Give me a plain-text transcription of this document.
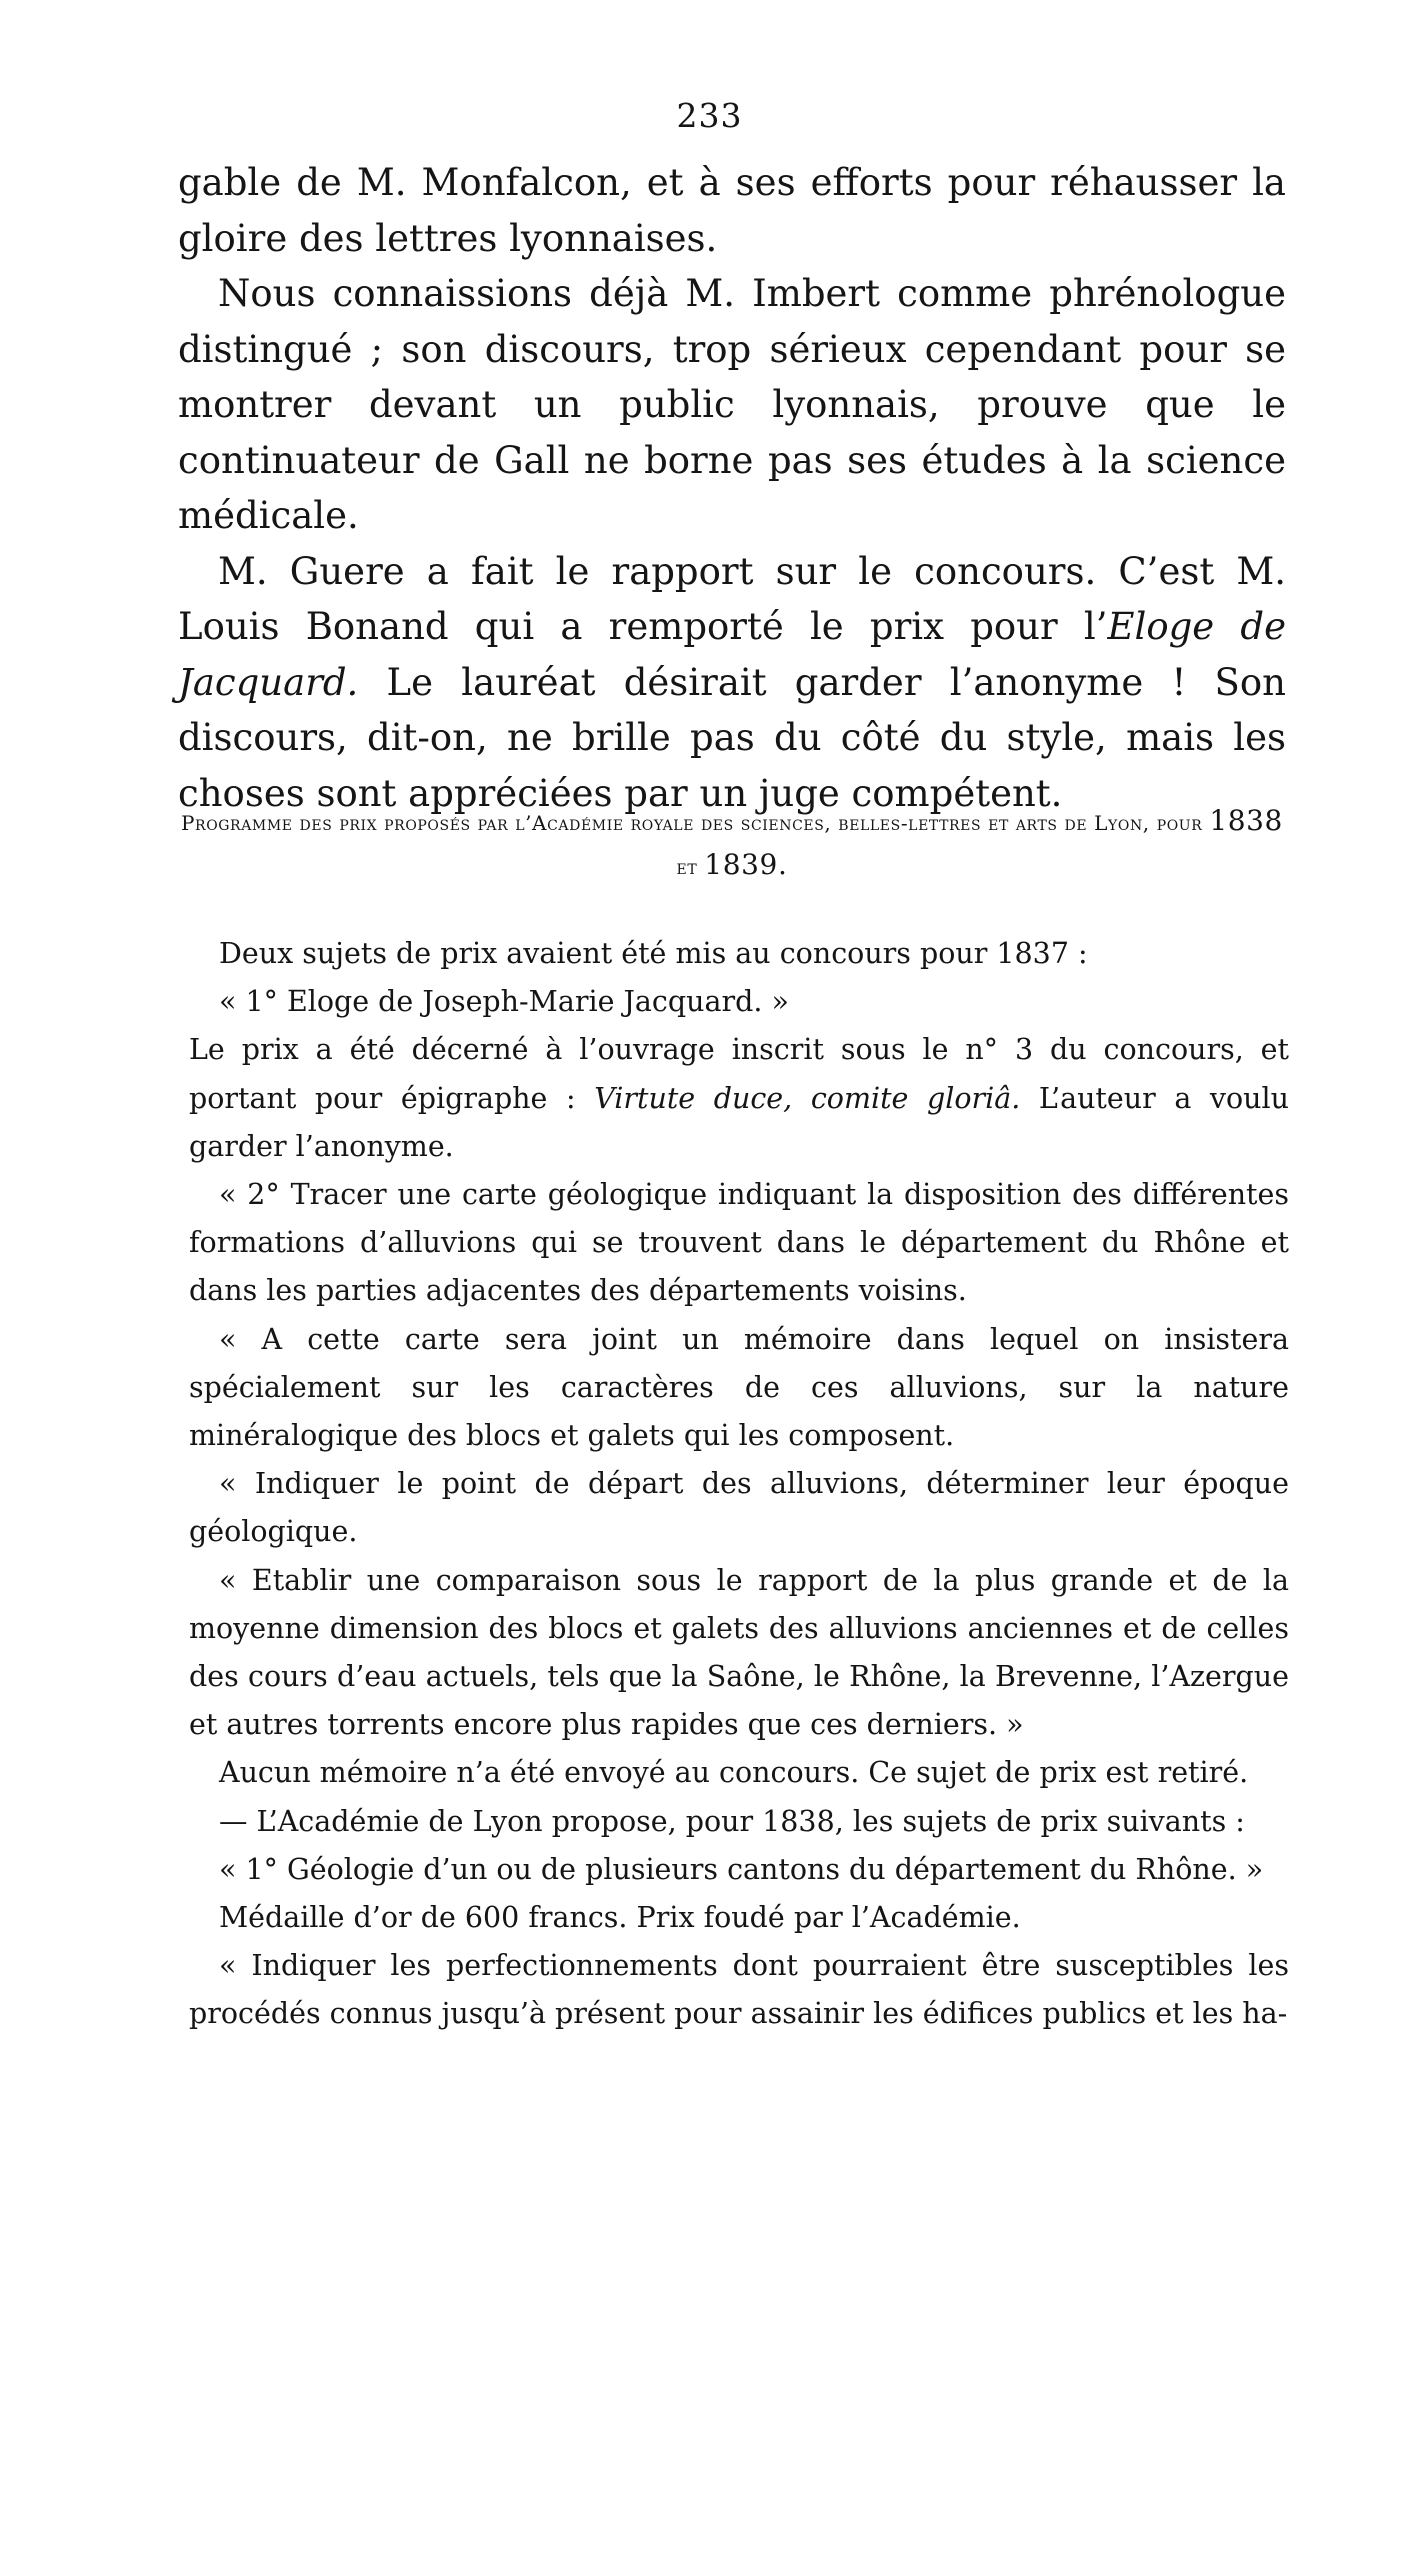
233

gable de M. Monfalcon, et à ses efforts pour réhausser la gloire des lettres lyonnaises.

Nous connaissions déjà M. Imbert comme phrénologue distingué ; son discours, trop sérieux cependant pour se montrer devant un public lyonnais, prouve que le continuateur de Gall ne borne pas ses études à la science médicale.

M. Guere a fait le rapport sur le concours. C’est M. Louis Bonand qui a remporté le prix pour l’Eloge de Jacquard. Le lauréat désirait garder l’anonyme ! Son discours, dit-on, ne brille pas du côté du style, mais les choses sont appréciées par un juge compétent.

Programme des prix proposés par l’Académie royale des sciences, belles-lettres et arts de Lyon, pour 1838 et 1839.

Deux sujets de prix avaient été mis au concours pour 1837 :

« 1° Eloge de Joseph-Marie Jacquard. »

Le prix a été décerné à l’ouvrage inscrit sous le n° 3 du concours, et portant pour épigraphe : Virtute duce, comite gloriâ. L’auteur a voulu garder l’anonyme.

« 2° Tracer une carte géologique indiquant la disposition des différentes formations d’alluvions qui se trouvent dans le département du Rhône et dans les parties adjacentes des départements voisins.

« A cette carte sera joint un mémoire dans lequel on insistera spécialement sur les caractères de ces alluvions, sur la nature minéralogique des blocs et galets qui les composent.

« Indiquer le point de départ des alluvions, déterminer leur époque géologique.

« Etablir une comparaison sous le rapport de la plus grande et de la moyenne dimension des blocs et galets des alluvions anciennes et de celles des cours d’eau actuels, tels que la Saône, le Rhône, la Brevenne, l’Azergue et autres torrents encore plus rapides que ces derniers. »

Aucun mémoire n’a été envoyé au concours. Ce sujet de prix est retiré.

— L’Académie de Lyon propose, pour 1838, les sujets de prix suivants :

« 1° Géologie d’un ou de plusieurs cantons du département du Rhône. »

Médaille d’or de 600 francs. Prix foudé par l’Académie.

« Indiquer les perfectionnements dont pourraient être susceptibles les procédés connus jusqu’à présent pour assainir les édifices publics et les ha-
